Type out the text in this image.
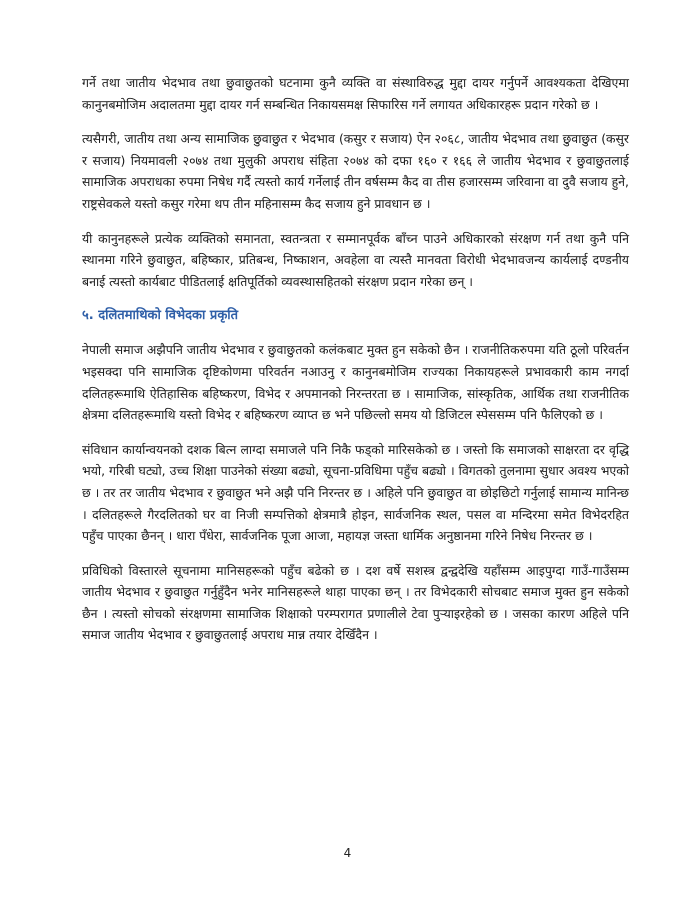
गर्ने तथा जातीय भेदभाव तथा छुवाछुतको घटनामा कुनै व्यक्ति वा संस्थाविरुद्ध मुद्दा दायर गर्नुपर्ने आवश्यकता देखिएमा कानुनबमोजिम अदालतमा मुद्दा दायर गर्न सम्बन्धित निकायसमक्ष सिफारिस गर्ने लगायत अधिकारहरू प्रदान गरेको छ ।

त्यसैगरी, जातीय तथा अन्य सामाजिक छुवाछुत र भेदभाव (कसुर र सजाय) ऐन २०६८, जातीय भेदभाव तथा छुवाछुत (कसुर र सजाय) नियमावली २०७४ तथा मुलुकी अपराध संहिता २०७४ को दफा १६० र १६६ ले जातीय भेदभाव र छुवाछुतलाई सामाजिक अपराधका रुपमा निषेध गर्दै त्यस्तो कार्य गर्नेलाई तीन वर्षसम्म कैद वा तीस हजारसम्म जरिवाना वा दुवै सजाय हुने, राष्ट्रसेवकले यस्तो कसुर गरेमा थप तीन महिनासम्म कैद सजाय हुने प्रावधान छ ।

यी कानुनहरूले प्रत्येक व्यक्तिको समानता, स्वतन्त्रता र सम्मानपूर्वक बाँच्न पाउने अधिकारको संरक्षण गर्न तथा कुनै पनि स्थानमा गरिने छुवाछुत, बहिष्कार, प्रतिबन्ध, निष्काशन, अवहेला वा त्यस्तै मानवता विरोधी भेदभावजन्य कार्यलाई दण्डनीय बनाई त्यस्तो कार्यबाट पीडितलाई क्षतिपूर्तिको व्यवस्थासहितको संरक्षण प्रदान गरेका छन् ।

५. दलितमाथिको विभेदका प्रकृति

नेपाली समाज अझैपनि जातीय भेदभाव र छुवाछुतको कलंकबाट मुक्त हुन सकेको छैन । राजनीतिकरुपमा यति ठूलो परिवर्तन भइसक्दा पनि सामाजिक दृष्टिकोणमा परिवर्तन नआउनु र कानुनबमोजिम राज्यका निकायहरूले प्रभावकारी काम नगर्दा दलितहरूमाथि ऐतिहासिक बहिष्करण, विभेद र अपमानको निरन्तरता छ । सामाजिक, सांस्कृतिक, आर्थिक तथा राजनीतिक क्षेत्रमा दलितहरूमाथि यस्तो विभेद र बहिष्करण व्याप्त छ भने पछिल्लो समय यो डिजिटल स्पेससम्म पनि फैलिएको छ ।

संविधान कार्यान्वयनको दशक बित्न लाग्दा समाजले पनि निकै फड्को मारिसकेको छ । जस्तो कि समाजको साक्षरता दर वृद्धि भयो, गरिबी घट्यो, उच्च शिक्षा पाउनेको संख्या बढ्यो, सूचना-प्रविधिमा पहुँच बढ्यो । विगतको तुलनामा सुधार अवश्य भएको छ । तर तर जातीय भेदभाव र छुवाछुत भने अझै पनि निरन्तर छ । अहिले पनि छुवाछुत वा छोइछिटो गर्नुलाई सामान्य मानिन्छ । दलितहरूले गैरदलितको घर वा निजी सम्पत्तिको क्षेत्रमात्रै होइन, सार्वजनिक स्थल, पसल वा मन्दिरमा समेत विभेदरहित पहुँच पाएका छैनन् । धारा पँधेरा, सार्वजनिक पूजा आजा, महायज्ञ जस्ता धार्मिक अनुष्ठानमा गरिने निषेध निरन्तर छ ।

प्रविधिको विस्तारले सूचनामा मानिसहरूको पहुँच बढेको छ । दश वर्षे सशस्त्र द्वन्द्वदेखि यहाँसम्म आइपुग्दा गाउँ-गाउँसम्म जातीय भेदभाव र छुवाछुत गर्नुहुँदैन भनेर मानिसहरूले थाहा पाएका छन् । तर विभेदकारी सोचबाट समाज मुक्त हुन सकेको छैन । त्यस्तो सोचको संरक्षणमा सामाजिक शिक्षाको परम्परागत प्रणालीले टेवा पुऱ्याइरहेको छ । जसका कारण अहिले पनि समाज जातीय भेदभाव र छुवाछुतलाई अपराध मान्न तयार देखिँदैन ।

4
